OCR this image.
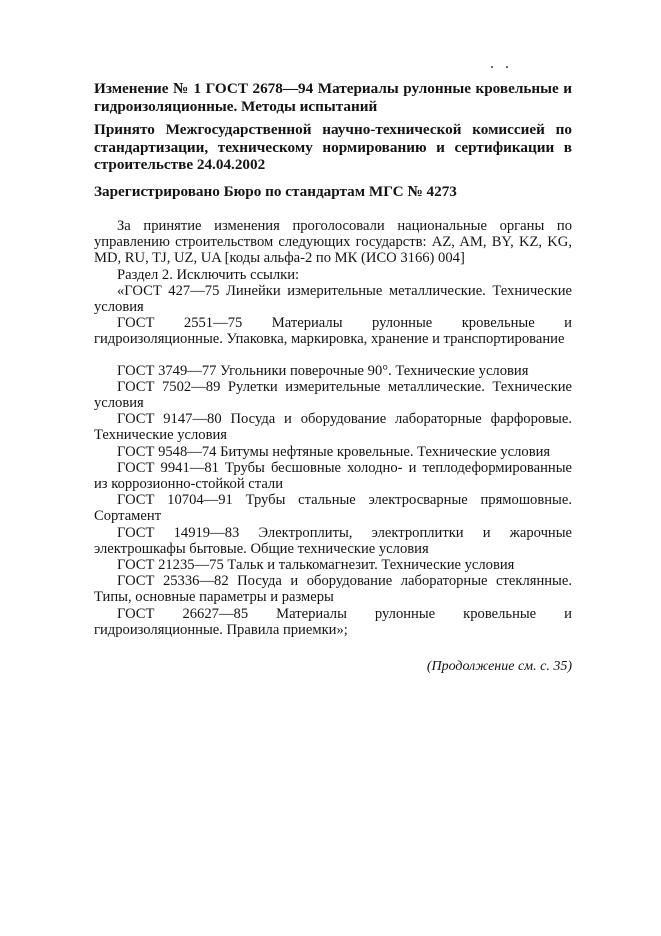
· ·

Изменение № 1 ГОСТ 2678—94 Материалы рулонные кровельные и гидроизоляционные. Методы испытаний

Принято Межгосударственной научно-технической комиссией по стандартизации, техническому нормированию и сертификации в строительстве 24.04.2002

Зарегистрировано Бюро по стандартам МГС № 4273

За принятие изменения проголосовали национальные органы по управлению строительством следующих государств: AZ, AM, BY, KZ, KG, MD, RU, TJ, UZ, UA [коды альфа-2 по МК (ИСО 3166) 004]

Раздел 2. Исключить ссылки:

«ГОСТ 427—75 Линейки измерительные металлические. Технические условия

ГОСТ 2551—75 Материалы рулонные кровельные и гидроизоляционные. Упаковка, маркировка, хранение и транспортирование

ГОСТ 3749—77 Угольники поверочные 90°. Технические условия

ГОСТ 7502—89 Рулетки измерительные металлические. Технические условия

ГОСТ 9147—80 Посуда и оборудование лабораторные фарфоровые. Технические условия

ГОСТ 9548—74 Битумы нефтяные кровельные. Технические условия

ГОСТ 9941—81 Трубы бесшовные холодно- и теплодеформированные из коррозионно-стойкой стали

ГОСТ 10704—91 Трубы стальные электросварные прямошовные. Сортамент

ГОСТ 14919—83 Электроплиты, электроплитки и жарочные электрошкафы бытовые. Общие технические условия

ГОСТ 21235—75 Тальк и талькомагнезит. Технические условия

ГОСТ 25336—82 Посуда и оборудование лабораторные стеклянные. Типы, основные параметры и размеры

ГОСТ 26627—85 Материалы рулонные кровельные и гидроизоляционные. Правила приемки»;

(Продолжение см. с. 35)
